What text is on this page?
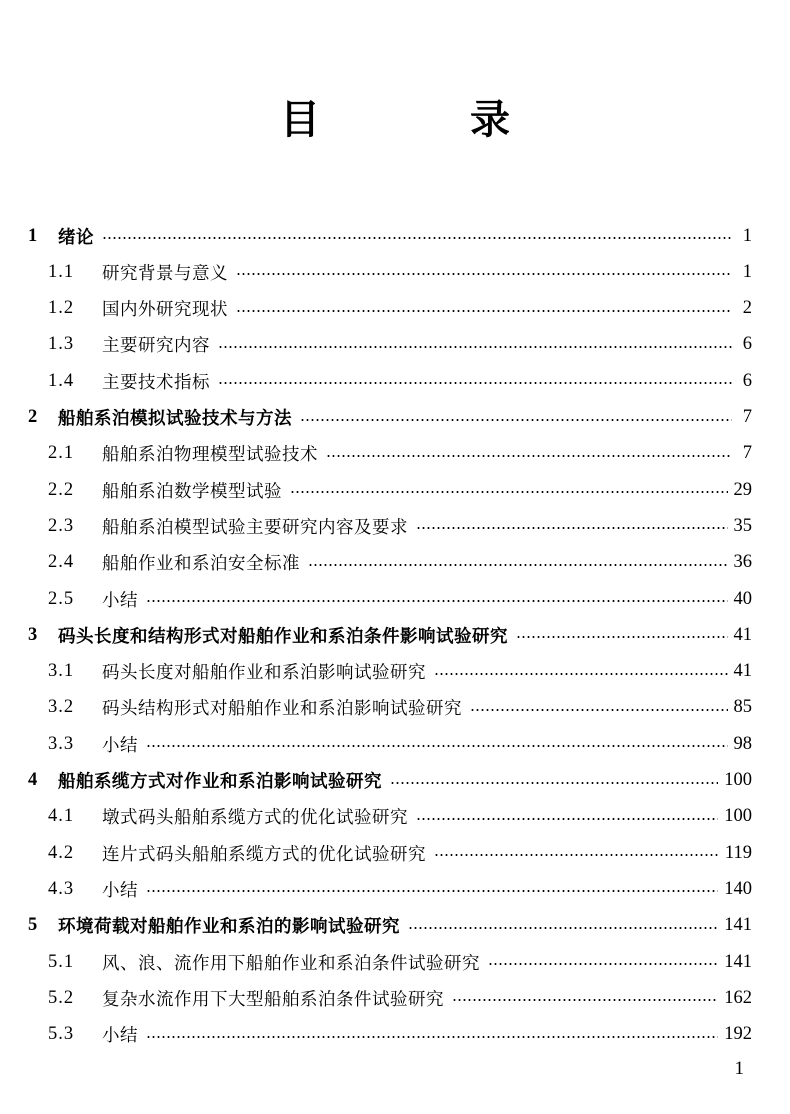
目 录
1	绪论	1
1.1	研究背景与意义	1
1.2	国内外研究现状	2
1.3	主要研究内容	6
1.4	主要技术指标	6
2	船舶系泊模拟试验技术与方法	7
2.1	船舶系泊物理模型试验技术	7
2.2	船舶系泊数学模型试验	29
2.3	船舶系泊模型试验主要研究内容及要求	35
2.4	船舶作业和系泊安全标准	36
2.5	小结	40
3	码头长度和结构形式对船舶作业和系泊条件影响试验研究	41
3.1	码头长度对船舶作业和系泊影响试验研究	41
3.2	码头结构形式对船舶作业和系泊影响试验研究	85
3.3	小结	98
4	船舶系缆方式对作业和系泊影响试验研究	100
4.1	墩式码头船舶系缆方式的优化试验研究	100
4.2	连片式码头船舶系缆方式的优化试验研究	119
4.3	小结	140
5	环境荷载对船舶作业和系泊的影响试验研究	141
5.1	风、浪、流作用下船舶作业和系泊条件试验研究	141
5.2	复杂水流作用下大型船舶系泊条件试验研究	162
5.3	小结	192
1
